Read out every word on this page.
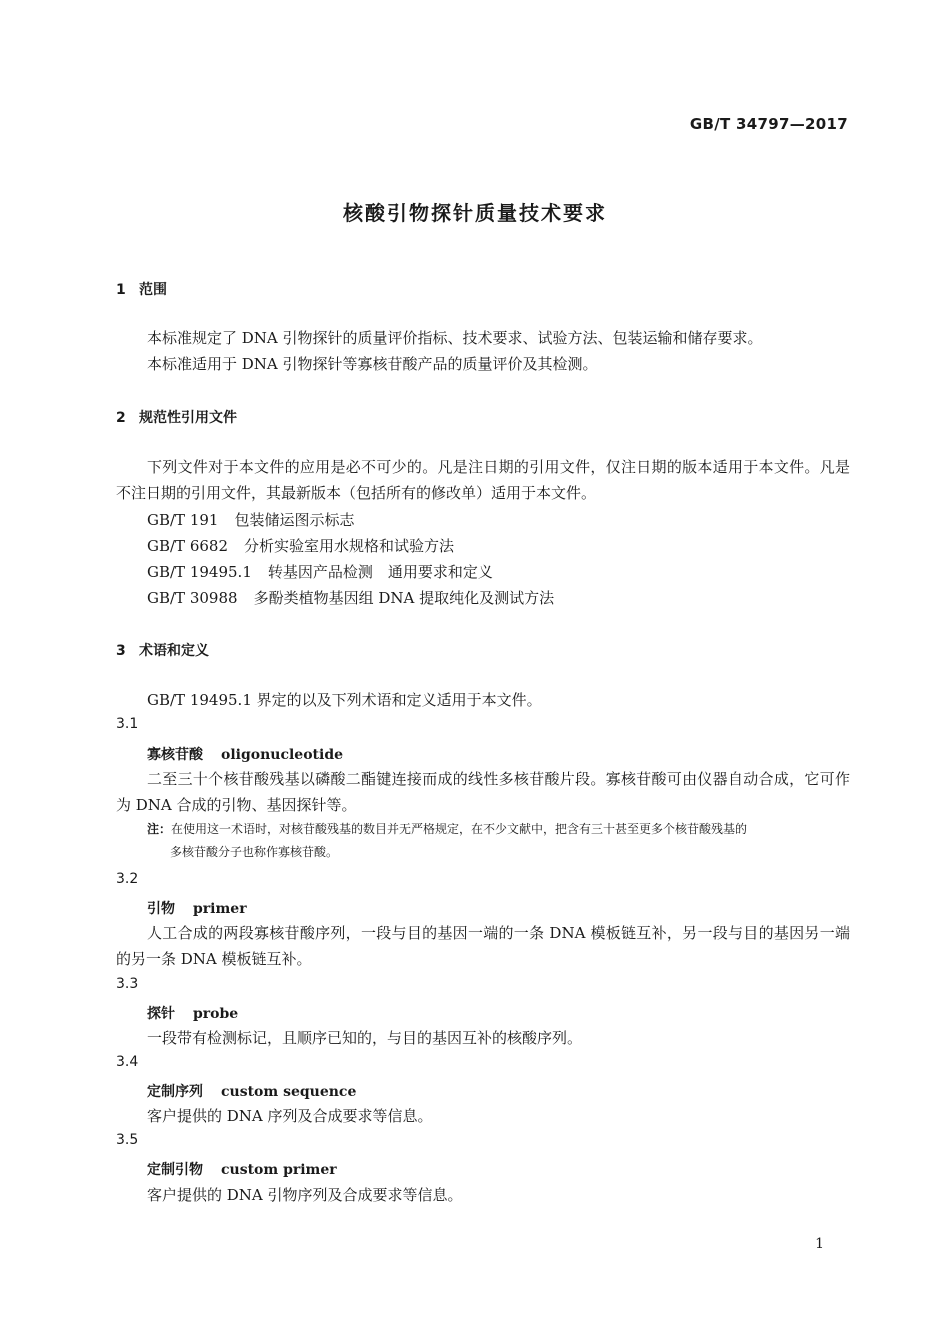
GB/T 34797—2017
核酸引物探针质量技术要求
1 范围
本标准规定了 DNA 引物探针的质量评价指标、技术要求、试验方法、包装运输和储存要求。
本标准适用于 DNA 引物探针等寡核苷酸产品的质量评价及其检测。
2 规范性引用文件
下列文件对于本文件的应用是必不可少的。凡是注日期的引用文件，仅注日期的版本适用于本文件。凡是不注日期的引用文件，其最新版本（包括所有的修改单）适用于本文件。
GB/T 191 包装储运图示标志
GB/T 6682 分析实验室用水规格和试验方法
GB/T 19495.1 转基因产品检测　通用要求和定义
GB/T 30988 多酚类植物基因组 DNA 提取纯化及测试方法
3 术语和定义
GB/T 19495.1 界定的以及下列术语和定义适用于本文件。
3.1
寡核苷酸 oligonucleotide
二至三十个核苷酸残基以磷酸二酯键连接而成的线性多核苷酸片段。寡核苷酸可由仪器自动合成，它可作为 DNA 合成的引物、基因探针等。
注：在使用这一术语时，对核苷酸残基的数目并无严格规定，在不少文献中，把含有三十甚至更多个核苷酸残基的
多核苷酸分子也称作寡核苷酸。
3.2
引物 primer
人工合成的两段寡核苷酸序列，一段与目的基因一端的一条 DNA 模板链互补，另一段与目的基因另一端的另一条 DNA 模板链互补。
3.3
探针 probe
一段带有检测标记，且顺序已知的，与目的基因互补的核酸序列。
3.4
定制序列 custom sequence
客户提供的 DNA 序列及合成要求等信息。
3.5
定制引物 custom primer
客户提供的 DNA 引物序列及合成要求等信息。
1
